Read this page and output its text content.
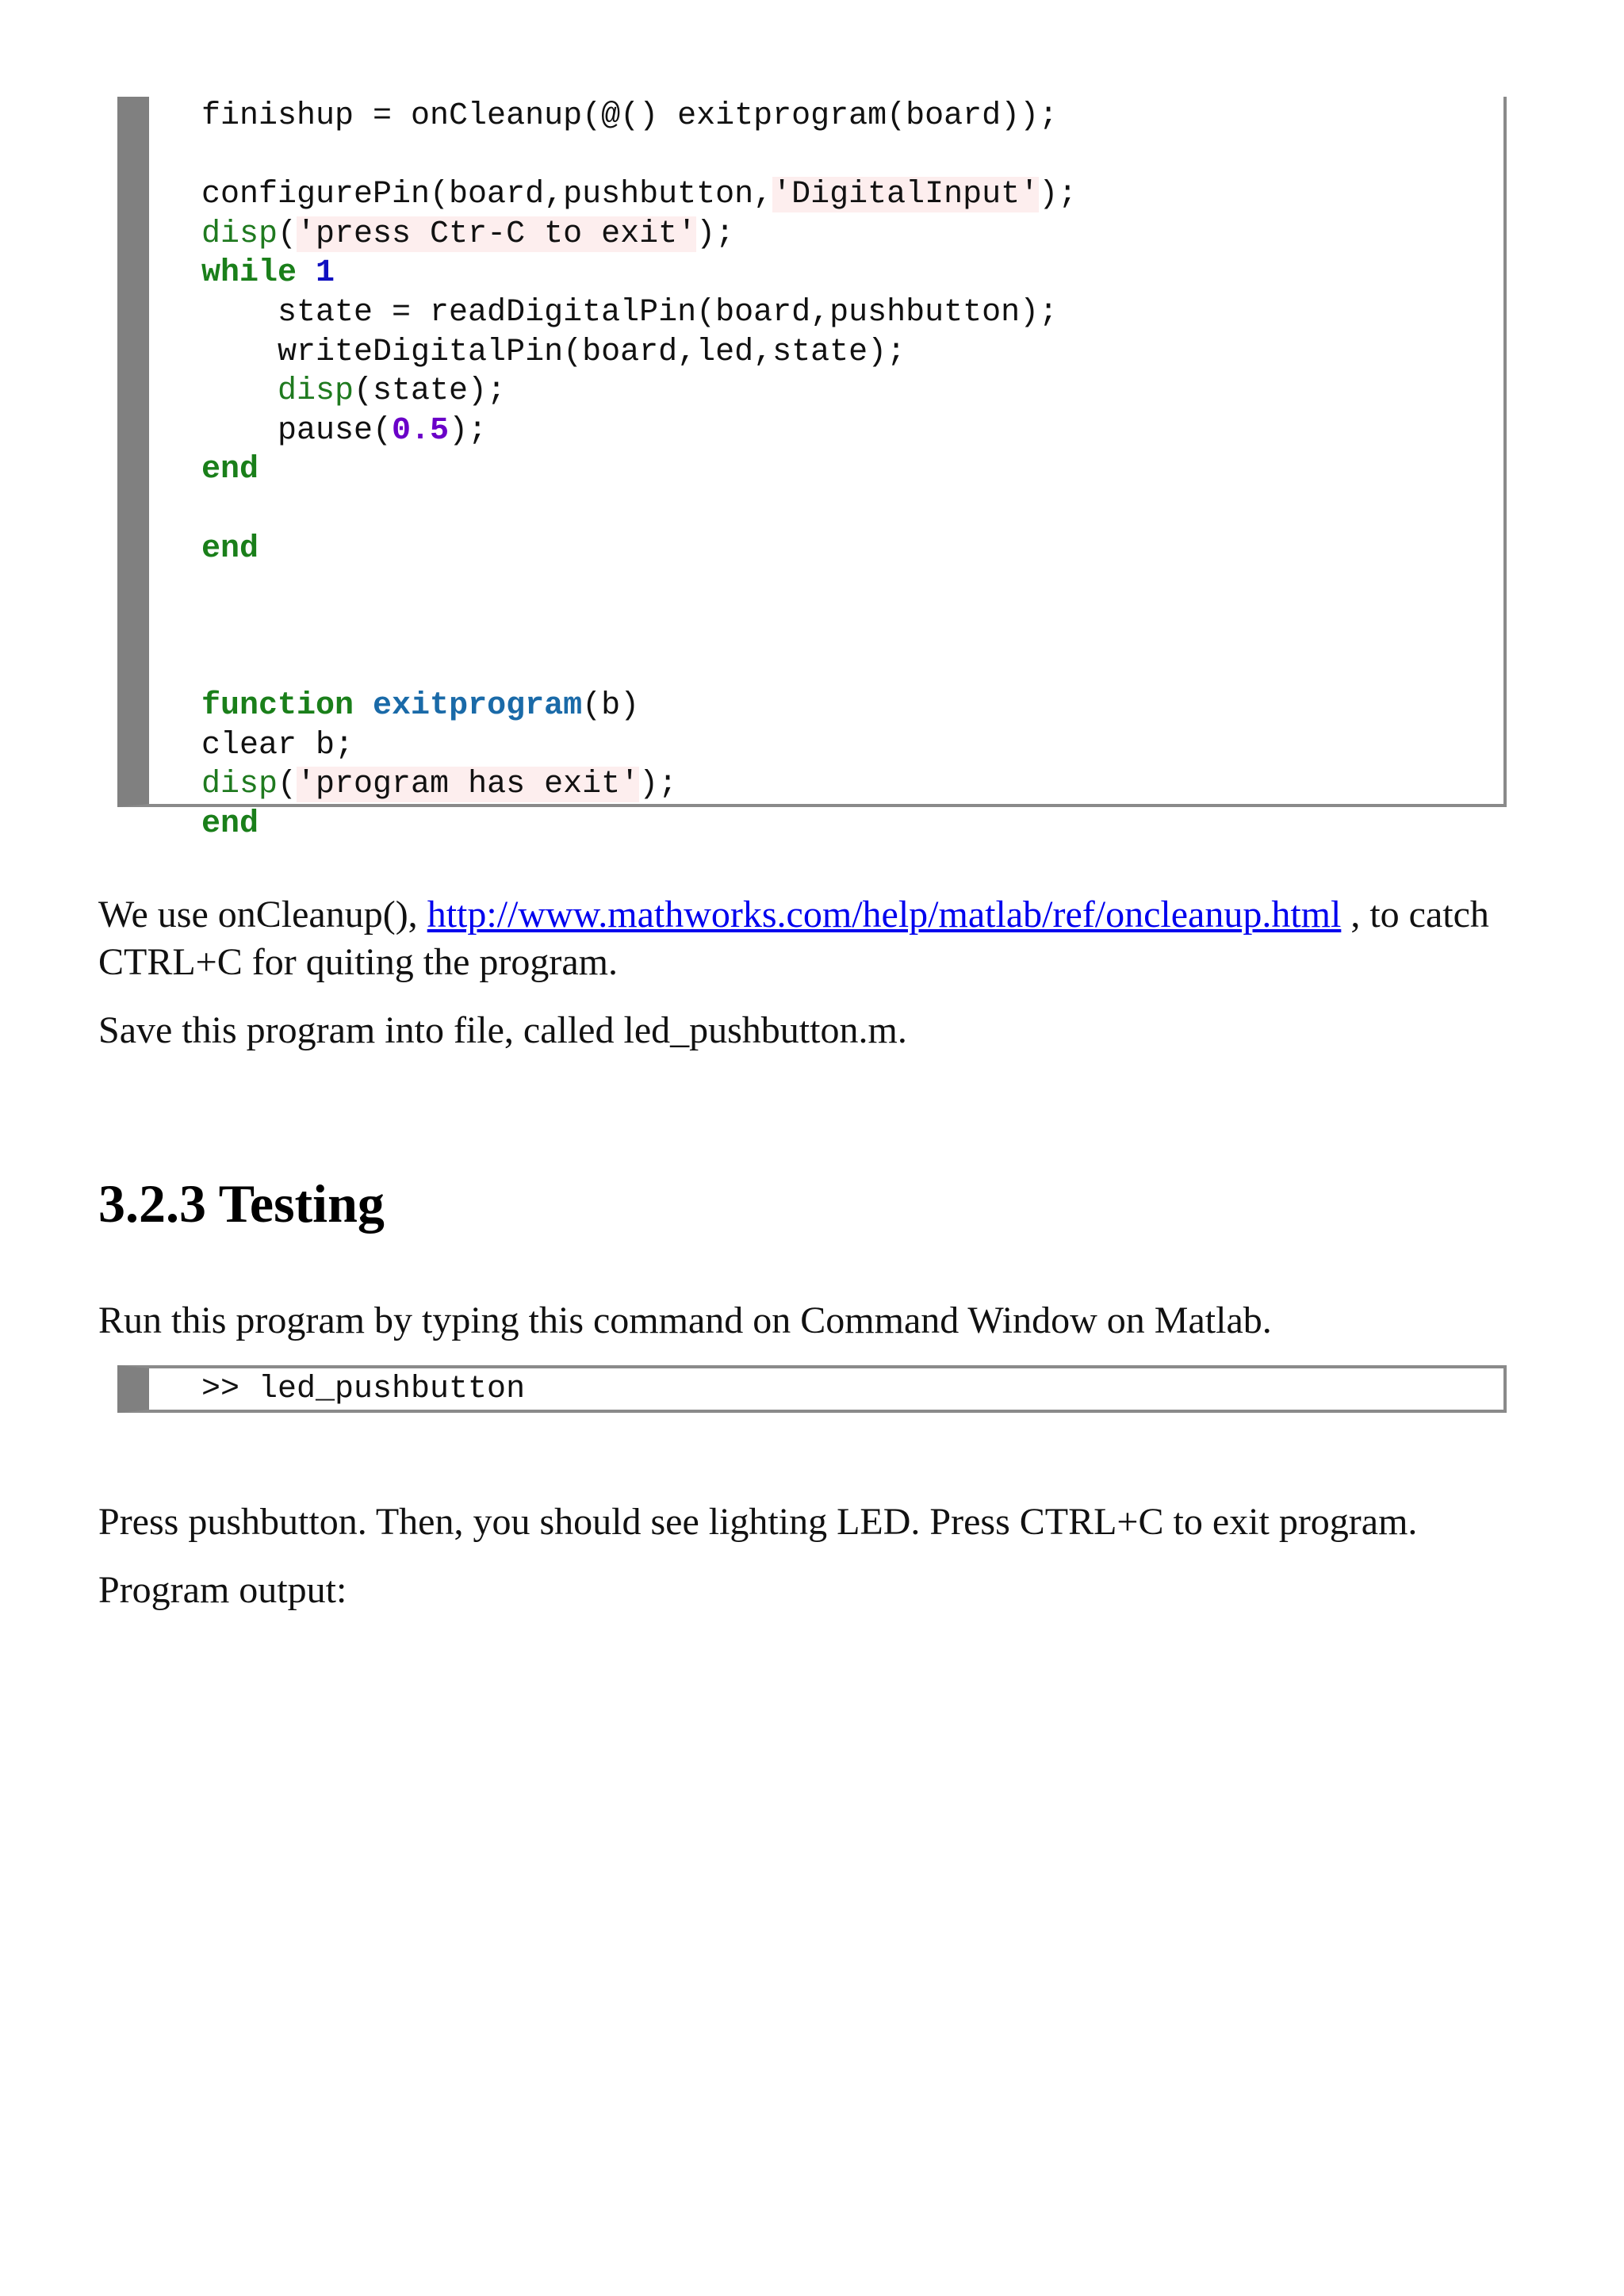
finishup = onCleanup(@() exitprogram(board));
configurePin(board,pushbutton,'DigitalInput');
disp('press Ctr-C to exit');
while 1
state = readDigitalPin(board,pushbutton);
writeDigitalPin(board,led,state);
disp(state);
pause(0.5);
end
end
function exitprogram(b)
clear b;
disp('program has exit');
end

We use onCleanup(), http://www.mathworks.com/help/matlab/ref/oncleanup.html , to catch CTRL+C for quiting the program.

Save this program into file, called led_pushbutton.m.

3.2.3 Testing

Run this program by typing this command on Command Window on Matlab.

>> led_pushbutton

Press pushbutton. Then, you should see lighting LED. Press CTRL+C to exit program.

Program output:
